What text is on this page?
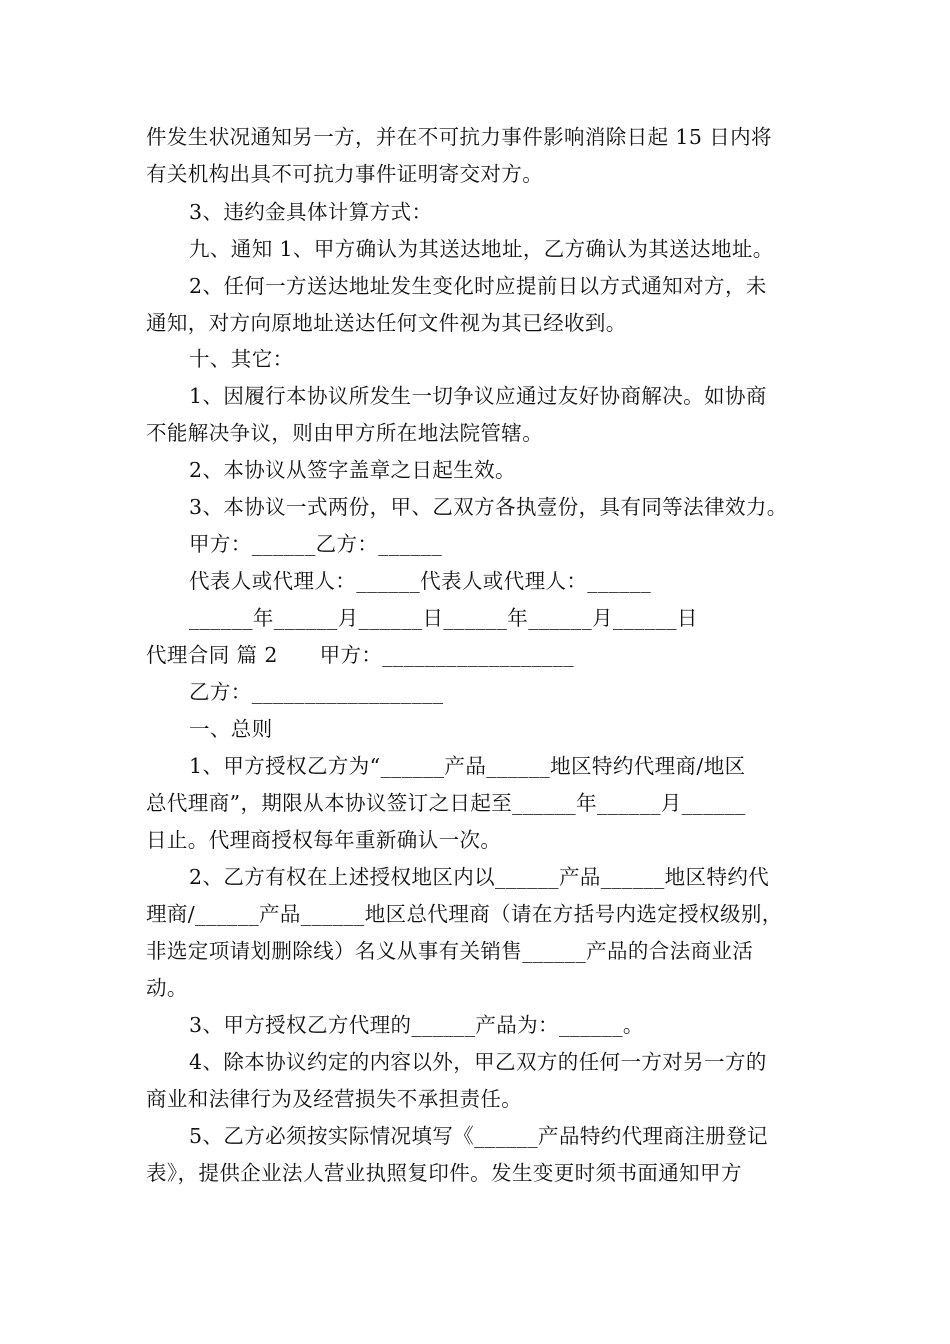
件发生状况通知另一方，并在不可抗力事件影响消除日起 15 日内将
有关机构出具不可抗力事件证明寄交对方。
3、违约金具体计算方式：
九、通知 1、甲方确认为其送达地址，乙方确认为其送达地址。
2、任何一方送达地址发生变化时应提前日以方式通知对方，未
通知，对方向原地址送达任何文件视为其已经收到。
十、其它：
1、因履行本协议所发生一切争议应通过友好协商解决。如协商
不能解决争议，则由甲方所在地法院管辖。
2、本协议从签字盖章之日起生效。
3、本协议一式两份，甲、乙双方各执壹份，具有同等法律效力。
甲方：______乙方：______
代表人或代理人：______代表人或代理人：______
______年______月______日______年______月______日
代理合同 篇 2　　甲方：__________________
乙方：__________________
一、总则
1、甲方授权乙方为“______产品______地区特约代理商/地区
总代理商”，期限从本协议签订之日起至______年______月______
日止。代理商授权每年重新确认一次。
2、乙方有权在上述授权地区内以______产品______地区特约代
理商/______产品______地区总代理商（请在方括号内选定授权级别，
非选定项请划删除线）名义从事有关销售______产品的合法商业活
动。
3、甲方授权乙方代理的______产品为：______。
4、除本协议约定的内容以外，甲乙双方的任何一方对另一方的
商业和法律行为及经营损失不承担责任。
5、乙方必须按实际情况填写《______产品特约代理商注册登记
表》，提供企业法人营业执照复印件。发生变更时须书面通知甲方
